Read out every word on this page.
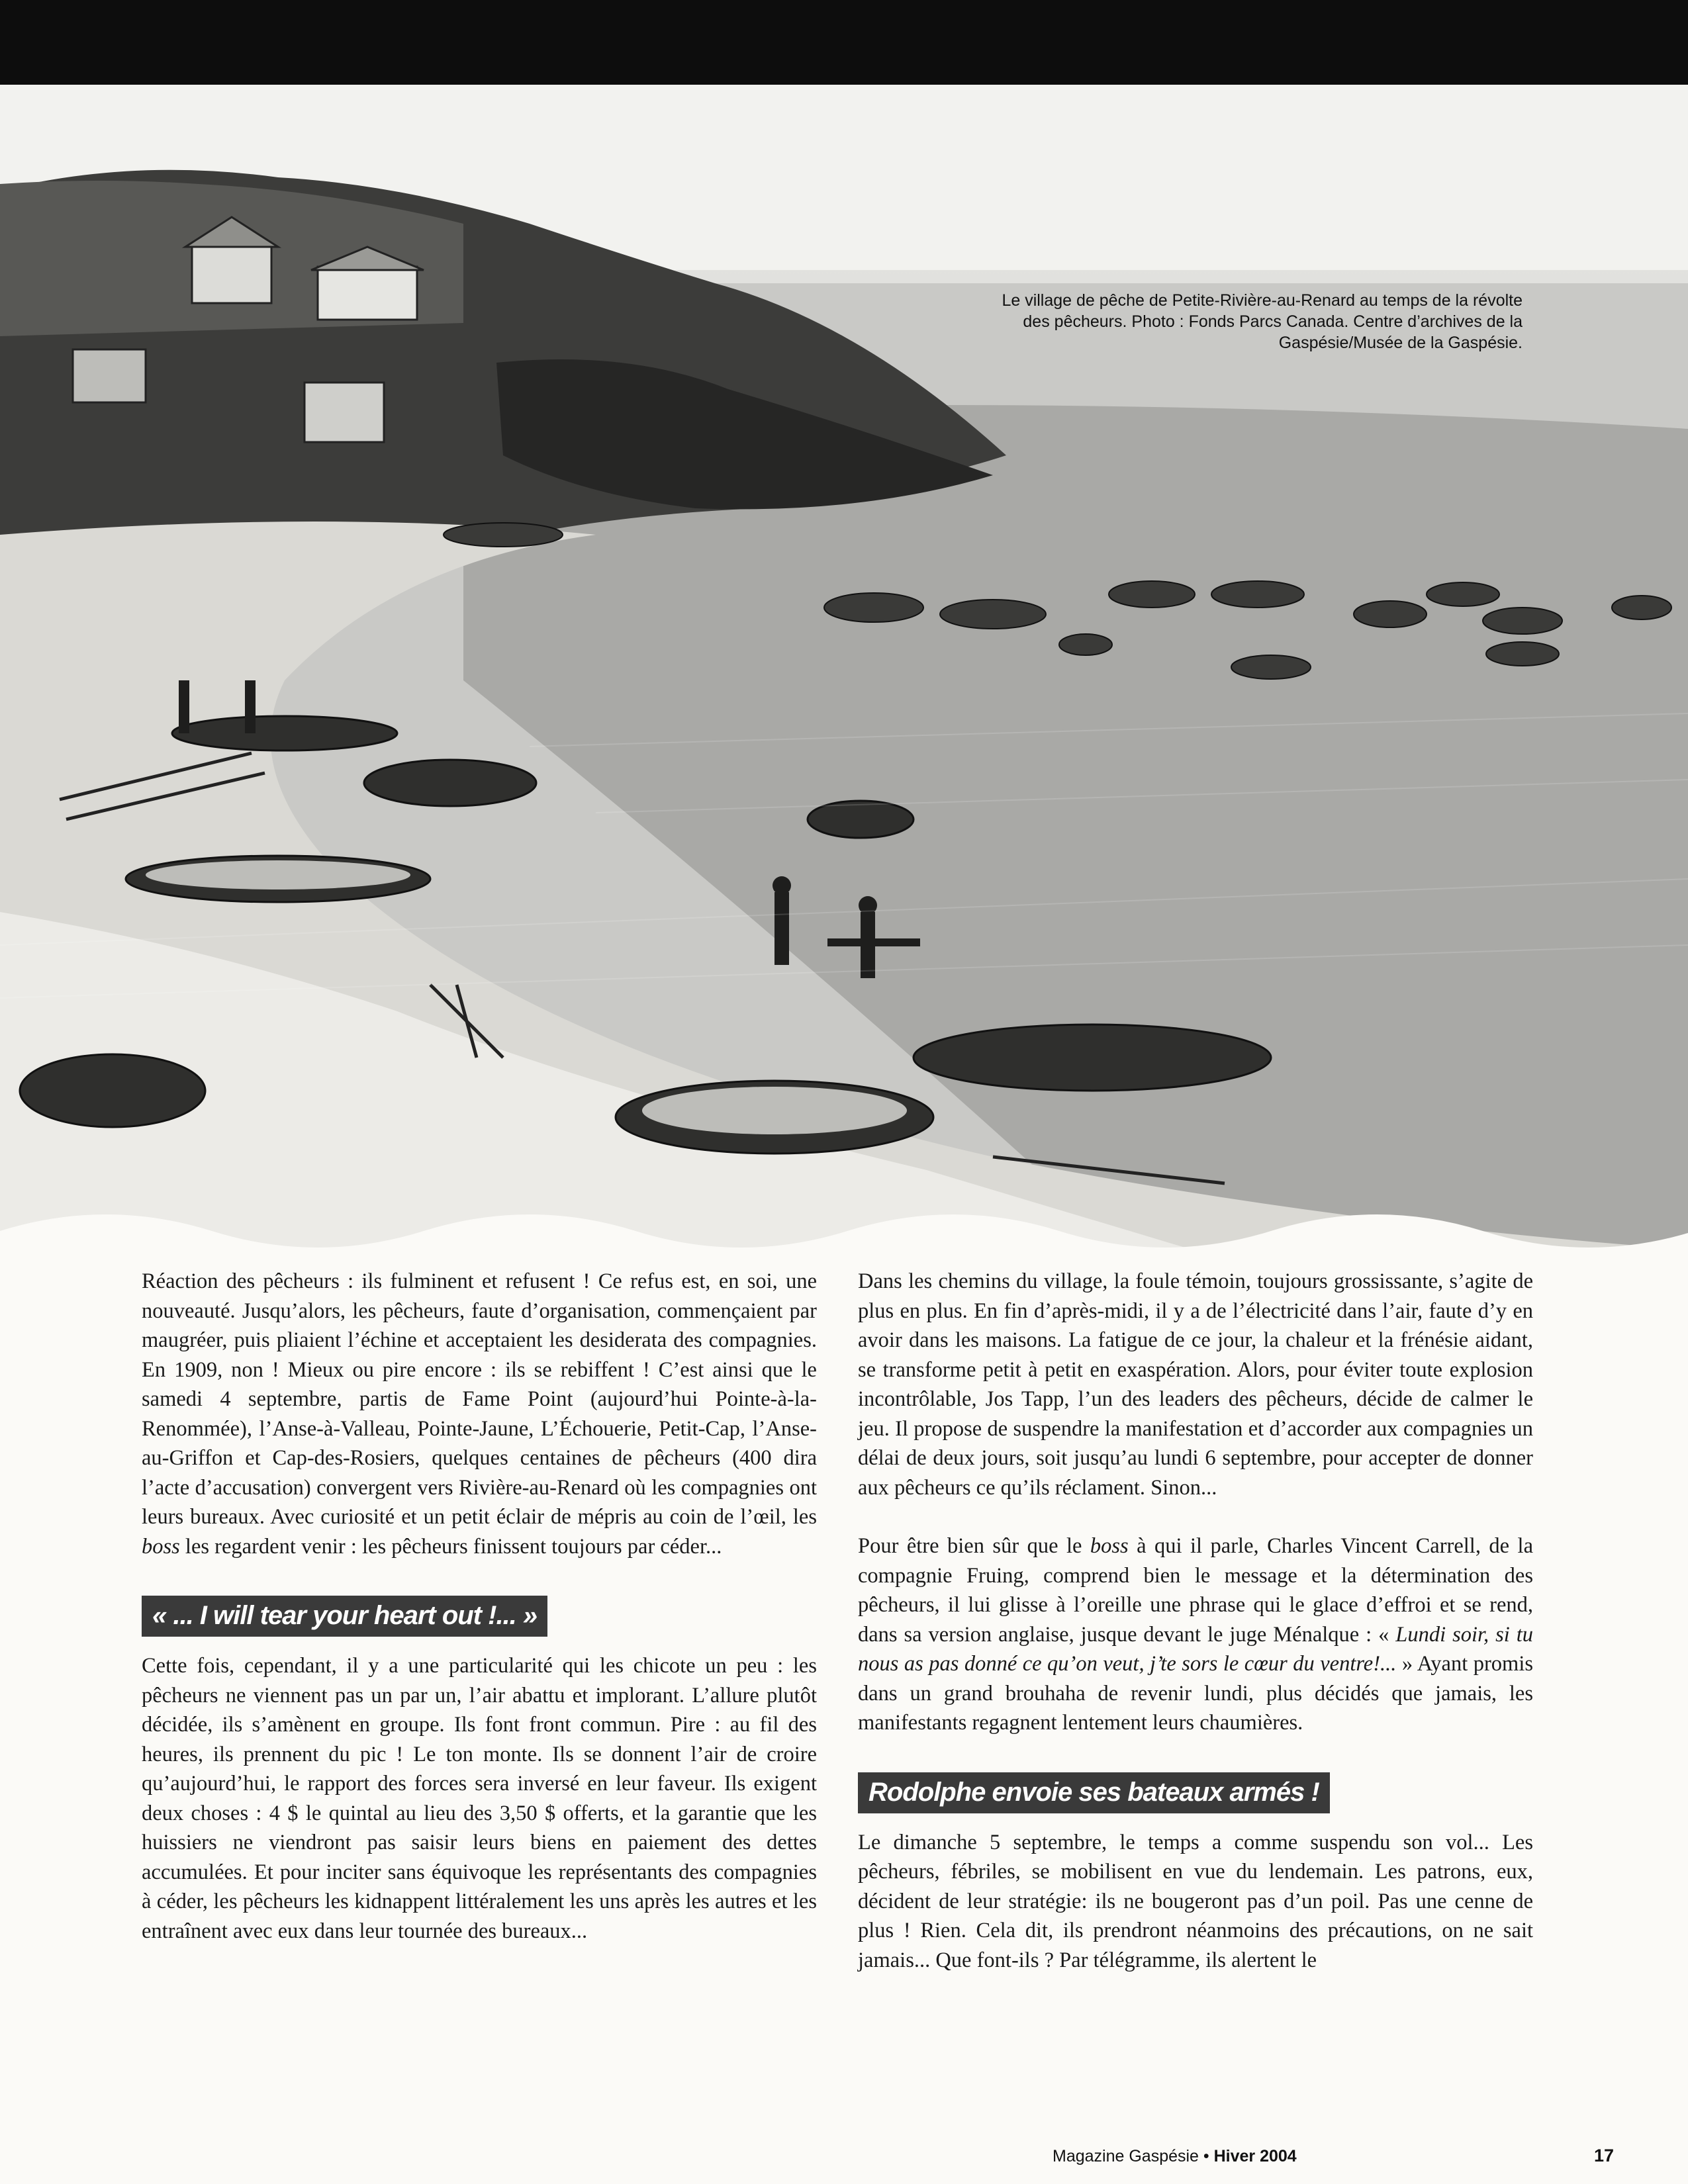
Le village de pêche de Petite-Rivière-au-Renard au temps de la révolte des pêcheurs. Photo : Fonds Parcs Canada. Centre d’archives de la Gaspésie/Musée de la Gaspésie.

Réaction des pêcheurs : ils fulminent et refusent ! Ce refus est, en soi, une nouveauté. Jusqu’alors, les pêcheurs, faute d’organisation, commençaient par maugréer, puis pliaient l’échine et acceptaient les desiderata des compagnies. En 1909, non ! Mieux ou pire encore : ils se rebiffent ! C’est ainsi que le samedi 4 septembre, partis de Fame Point (aujourd’hui Pointe-à-la-Renommée), l’Anse-à-Valleau, Pointe-Jaune, L’Échouerie, Petit-Cap, l’Anse-au-Griffon et Cap-des-Rosiers, quelques centaines de pêcheurs (400 dira l’acte d’accusation) convergent vers Rivière-au-Renard où les compagnies ont leurs bureaux. Avec curiosité et un petit éclair de mépris au coin de l’œil, les boss les regardent venir : les pêcheurs finissent toujours par céder...

« ... I will tear your heart out !... »

Cette fois, cependant, il y a une particularité qui les chicote un peu : les pêcheurs ne viennent pas un par un, l’air abattu et implorant. L’allure plutôt décidée, ils s’amènent en groupe. Ils font front commun. Pire : au fil des heures, ils prennent du pic ! Le ton monte. Ils se donnent l’air de croire qu’aujourd’hui, le rapport des forces sera inversé en leur faveur. Ils exigent deux choses : 4 $ le quintal au lieu des 3,50 $ offerts, et la garantie que les huissiers ne viendront pas saisir leurs biens en paiement des dettes accumulées. Et pour inciter sans équivoque les représentants des compagnies à céder, les pêcheurs les kidnappent littéralement les uns après les autres et les entraînent avec eux dans leur tournée des bureaux...

Dans les chemins du village, la foule témoin, toujours grossissante, s’agite de plus en plus. En fin d’après-midi, il y a de l’électricité dans l’air, faute d’y en avoir dans les maisons. La fatigue de ce jour, la chaleur et la frénésie aidant, se transforme petit à petit en exaspération. Alors, pour éviter toute explosion incontrôlable, Jos Tapp, l’un des leaders des pêcheurs, décide de calmer le jeu. Il propose de suspendre la manifestation et d’accorder aux compagnies un délai de deux jours, soit jusqu’au lundi 6 septembre, pour accepter de donner aux pêcheurs ce qu’ils réclament. Sinon...

Pour être bien sûr que le boss à qui il parle, Charles Vincent Carrell, de la compagnie Fruing, comprend bien le message et la détermination des pêcheurs, il lui glisse à l’oreille une phrase qui le glace d’effroi et se rend, dans sa version anglaise, jusque devant le juge Ménalque : « Lundi soir, si tu nous as pas donné ce qu’on veut, j’te sors le cœur du ventre!... » Ayant promis dans un grand brouhaha de revenir lundi, plus décidés que jamais, les manifestants regagnent lentement leurs chaumières.

Rodolphe envoie ses bateaux armés !

Le dimanche 5 septembre, le temps a comme suspendu son vol... Les pêcheurs, fébriles, se mobilisent en vue du lendemain. Les patrons, eux, décident de leur stratégie: ils ne bougeront pas d’un poil. Pas une cenne de plus ! Rien. Cela dit, ils prendront néanmoins des précautions, on ne sait jamais... Que font-ils ? Par télégramme, ils alertent le

Magazine Gaspésie • Hiver 2004	17
